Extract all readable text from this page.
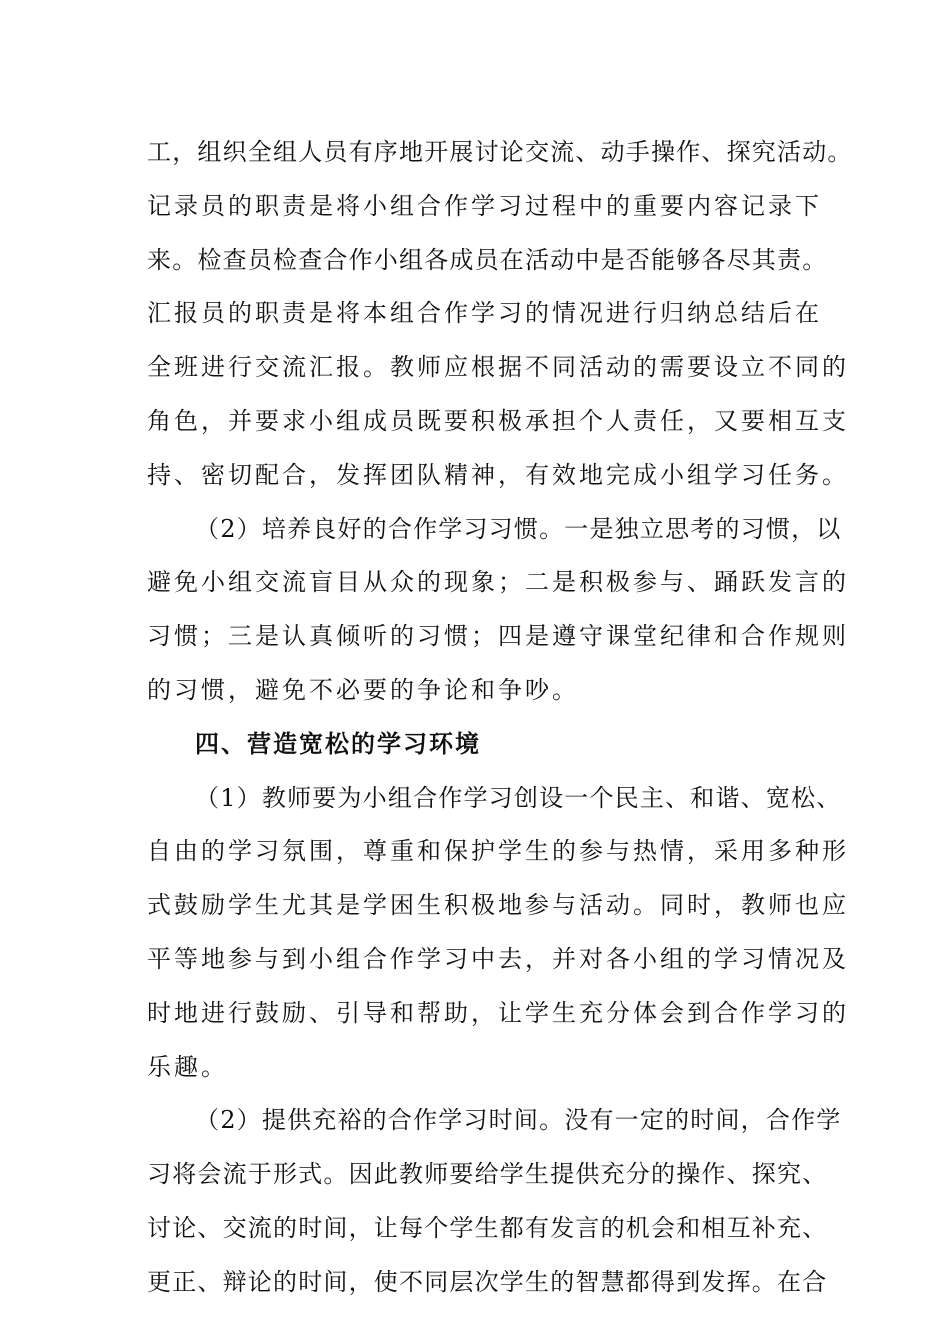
工，组织全组人员有序地开展讨论交流、动手操作、探究活动。
记录员的职责是将小组合作学习过程中的重要内容记录下
来。检查员检查合作小组各成员在活动中是否能够各尽其责。
汇报员的职责是将本组合作学习的情况进行归纳总结后在
全班进行交流汇报。教师应根据不同活动的需要设立不同的
角色，并要求小组成员既要积极承担个人责任，又要相互支
持、密切配合，发挥团队精神，有效地完成小组学习任务。
（2）培养良好的合作学习习惯。一是独立思考的习惯，以
避免小组交流盲目从众的现象；二是积极参与、踊跃发言的
习惯；三是认真倾听的习惯；四是遵守课堂纪律和合作规则
的习惯，避免不必要的争论和争吵。
四、营造宽松的学习环境
（1）教师要为小组合作学习创设一个民主、和谐、宽松、
自由的学习氛围，尊重和保护学生的参与热情，采用多种形
式鼓励学生尤其是学困生积极地参与活动。同时，教师也应
平等地参与到小组合作学习中去，并对各小组的学习情况及
时地进行鼓励、引导和帮助，让学生充分体会到合作学习的
乐趣。
（2）提供充裕的合作学习时间。没有一定的时间，合作学
习将会流于形式。因此教师要给学生提供充分的操作、探究、
讨论、交流的时间，让每个学生都有发言的机会和相互补充、
更正、辩论的时间，使不同层次学生的智慧都得到发挥。在合
